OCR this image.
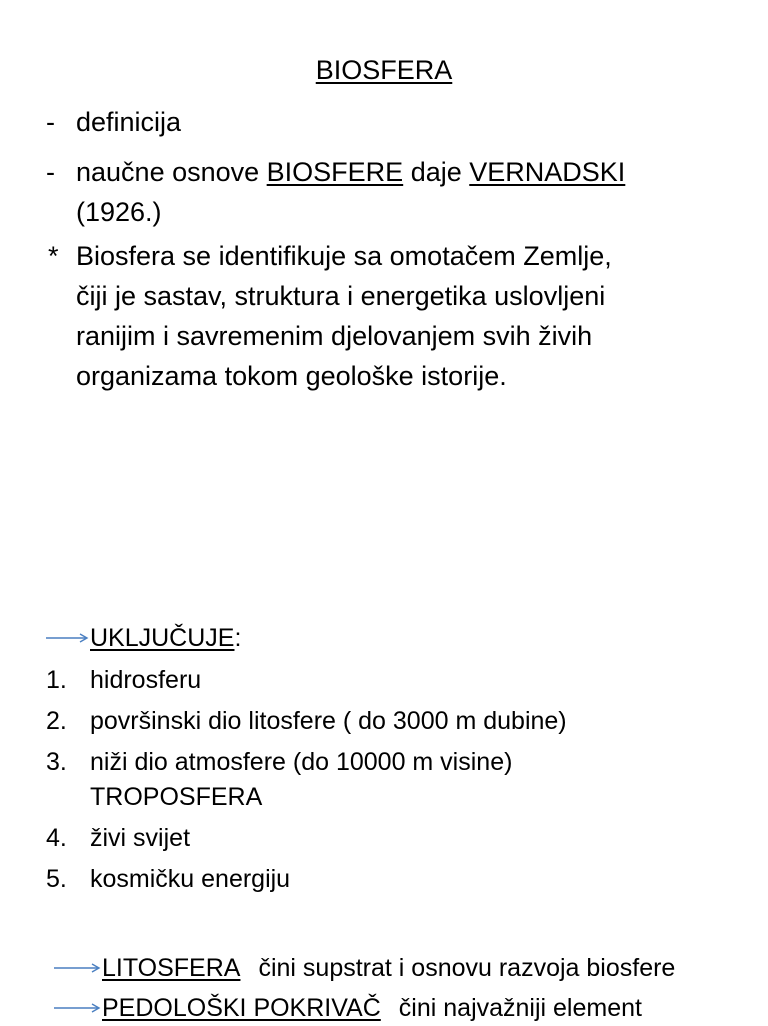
BIOSFERA
- definicija
- naučne osnove BIOSFERE daje VERNADSKI
(1926.)
* Biosfera se identifikuje sa omotačem Zemlje,
čiji je sastav, struktura i energetika uslovljeni
ranijim i savremenim djelovanjem svih živih
organizama tokom geološke istorije.
UKLJUČUJE:
1. hidrosferu
2. površinski dio litosfere ( do 3000 m dubine)
3. niži dio atmosfere (do 10000 m visine)
TROPOSFERA
4. živi svijet
5. kosmičku energiju
LITOSFERA čini supstrat i osnovu razvoja biosfere
PEDOLOŠKI POKRIVAČ čini najvažniji element
